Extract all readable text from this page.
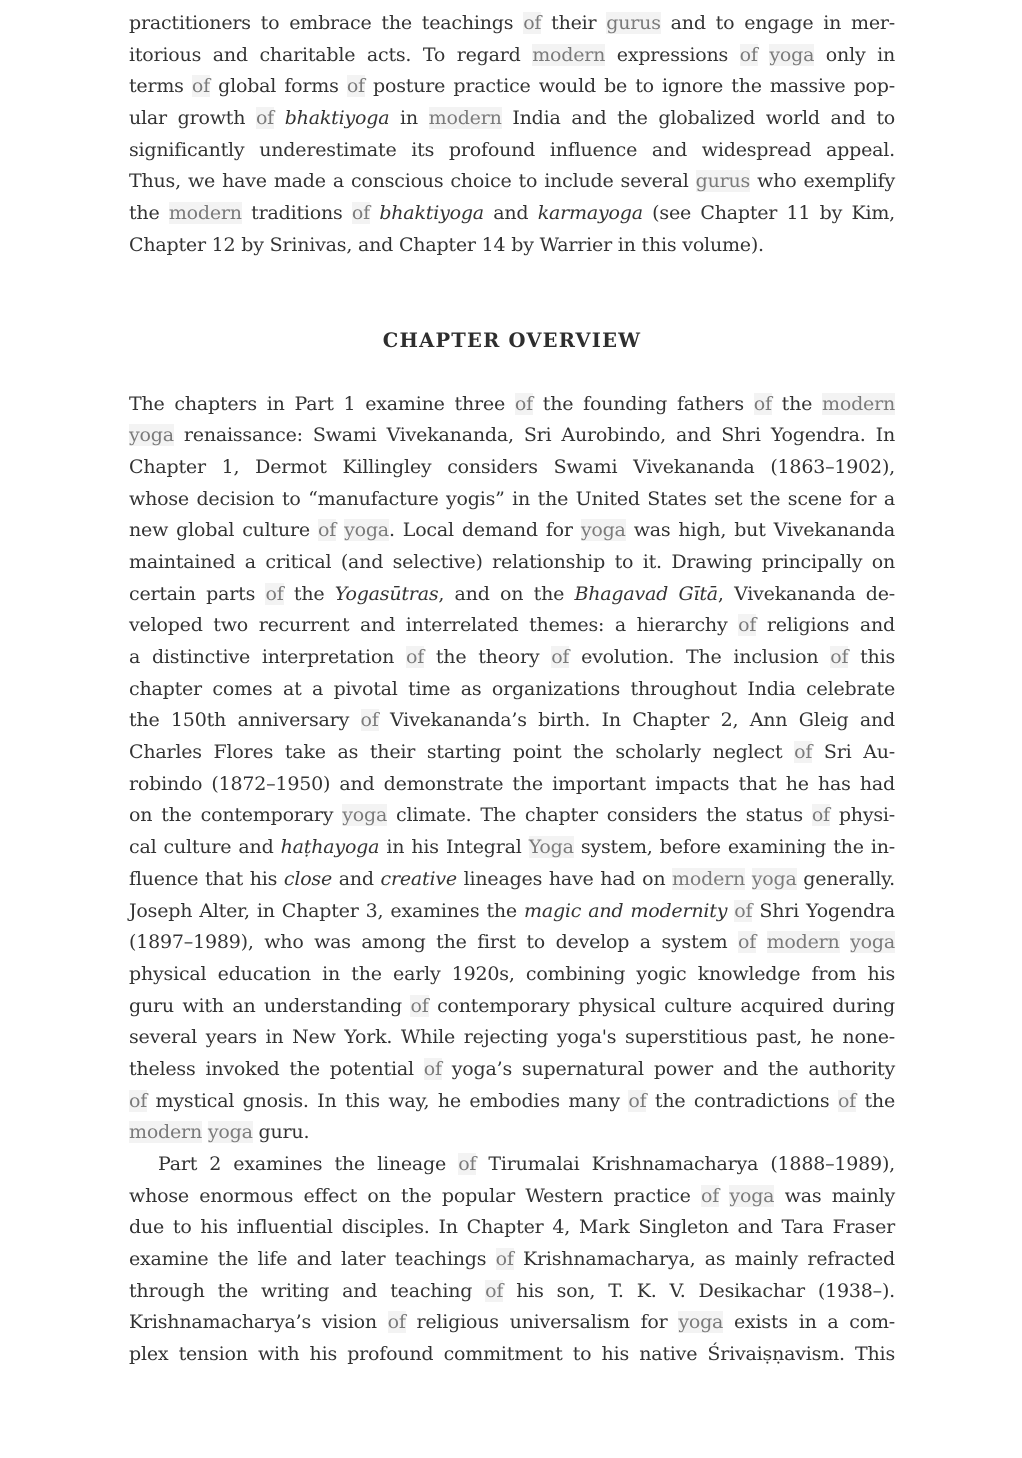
practitioners to embrace the teachings of their gurus and to engage in mer-
itorious and charitable acts. To regard modern expressions of yoga only in
terms of global forms of posture practice would be to ignore the massive pop-
ular growth of bhaktiyoga in modern India and the globalized world and to
significantly underestimate its profound influence and widespread appeal.
Thus, we have made a conscious choice to include several gurus who exemplify
the modern traditions of bhaktiyoga and karmayoga (see Chapter 11 by Kim,
Chapter 12 by Srinivas, and Chapter 14 by Warrier in this volume).
CHAPTER OVERVIEW
The chapters in Part 1 examine three of the founding fathers of the modern
yoga renaissance: Swami Vivekananda, Sri Aurobindo, and Shri Yogendra. In
Chapter 1, Dermot Killingley considers Swami Vivekananda (1863–1902),
whose decision to “manufacture yogis” in the United States set the scene for a
new global culture of yoga. Local demand for yoga was high, but Vivekananda
maintained a critical (and selective) relationship to it. Drawing principally on
certain parts of the Yogasūtras, and on the Bhagavad Gītā, Vivekananda de-
veloped two recurrent and interrelated themes: a hierarchy of religions and
a distinctive interpretation of the theory of evolution. The inclusion of this
chapter comes at a pivotal time as organizations throughout India celebrate
the 150th anniversary of Vivekananda’s birth. In Chapter 2, Ann Gleig and
Charles Flores take as their starting point the scholarly neglect of Sri Au-
robindo (1872–1950) and demonstrate the important impacts that he has had
on the contemporary yoga climate. The chapter considers the status of physi-
cal culture and haṭhayoga in his Integral Yoga system, before examining the in-
fluence that his close and creative lineages have had on modern yoga generally.
Joseph Alter, in Chapter 3, examines the magic and modernity of Shri Yogendra
(1897–1989), who was among the first to develop a system of modern yoga
physical education in the early 1920s, combining yogic knowledge from his
guru with an understanding of contemporary physical culture acquired during
several years in New York. While rejecting yoga's superstitious past, he none-
theless invoked the potential of yoga’s supernatural power and the authority
of mystical gnosis. In this way, he embodies many of the contradictions of the
modern yoga guru.
Part 2 examines the lineage of Tirumalai Krishnamacharya (1888–1989),
whose enormous effect on the popular Western practice of yoga was mainly
due to his influential disciples. In Chapter 4, Mark Singleton and Tara Fraser
examine the life and later teachings of Krishnamacharya, as mainly refracted
through the writing and teaching of his son, T. K. V. Desikachar (1938–).
Krishnamacharya’s vision of religious universalism for yoga exists in a com-
plex tension with his profound commitment to his native Śrivaiṣṇavism. This
